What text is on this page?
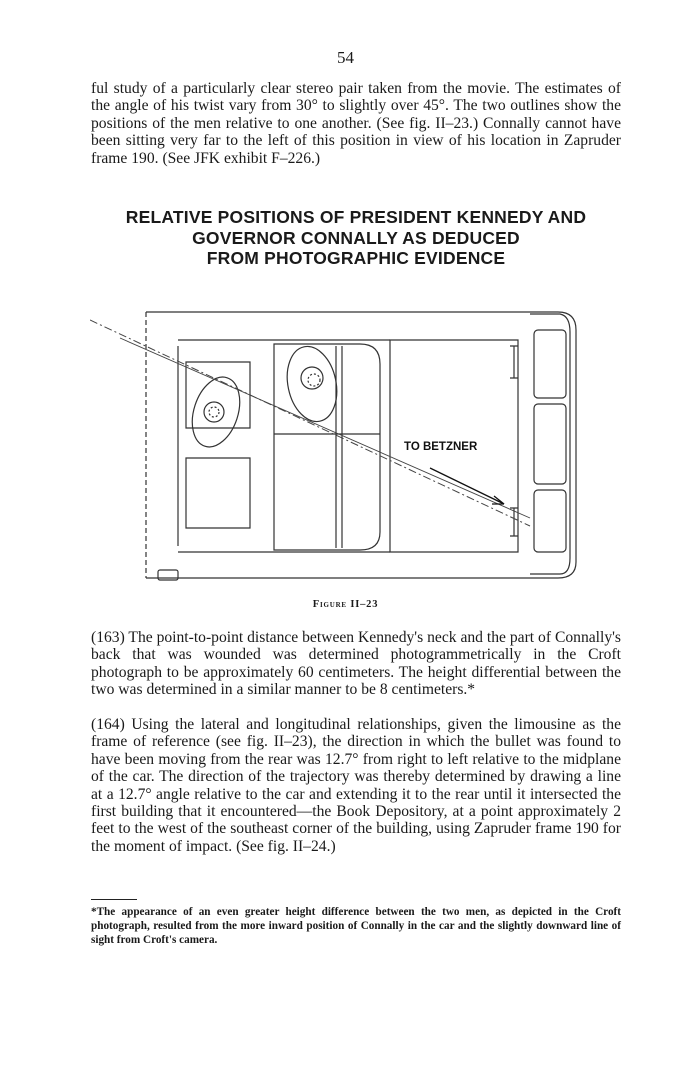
54

ful study of a particularly clear stereo pair taken from the movie. The estimates of the angle of his twist vary from 30° to slightly over 45°. The two outlines show the positions of the men relative to one another. (See fig. II–23.) Connally cannot have been sitting very far to the left of this position in view of his location in Zapruder frame 190. (See JFK exhibit F–226.)

RELATIVE POSITIONS OF PRESIDENT KENNEDY AND
GOVERNOR CONNALLY AS DEDUCED
FROM PHOTOGRAPHIC EVIDENCE
TO BETZNER
Figure II–23

(163) The point-to-point distance between Kennedy's neck and the part of Connally's back that was wounded was determined photogrammetrically in the Croft photograph to be approximately 60 centimeters. The height differential between the two was determined in a similar manner to be 8 centimeters.*

(164) Using the lateral and longitudinal relationships, given the limousine as the frame of reference (see fig. II–23), the direction in which the bullet was found to have been moving from the rear was 12.7° from right to left relative to the midplane of the car. The direction of the trajectory was thereby determined by drawing a line at a 12.7° angle relative to the car and extending it to the rear until it intersected the first building that it encountered—the Book Depository, at a point approximately 2 feet to the west of the southeast corner of the building, using Zapruder frame 190 for the moment of impact. (See fig. II–24.)

*The appearance of an even greater height difference between the two men, as depicted in the Croft photograph, resulted from the more inward position of Connally in the car and the slightly downward line of sight from Croft's camera.
